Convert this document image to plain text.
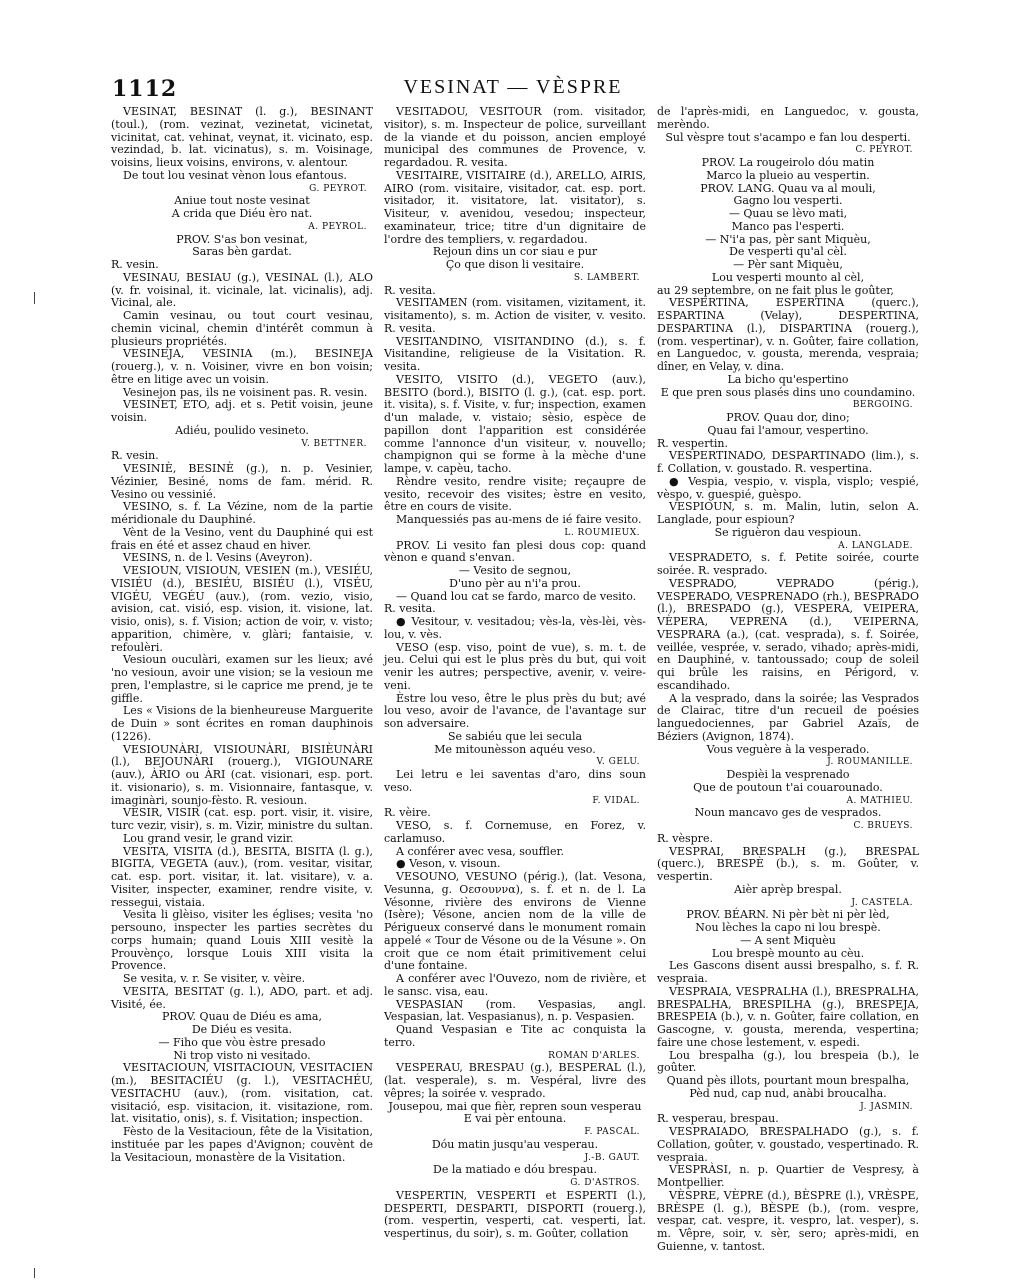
1112	VESINAT — VÈSPRE

VESINAT, BESINAT (l. g.), BESINANT (toul.), (rom. vezinat, vezinetat, vicinetat, vicinitat, cat. vehinat, veynat, it. vicinato, esp. vezindad, b. lat. vicinatus), s. m. Voisinage, voisins, lieux voisins, environs, v. alentour.

De tout lou vesinat vènon lous efantous.

G. PEYROT.

Aniue tout noste vesinat

A crida que Diéu èro nat.

A. PEYROL.

PROV. S'as bon vesinat,

Saras bèn gardat.

R. vesin.

VESINAU, BESIAU (g.), VESINAL (l.), ALO (v. fr. voisinal, it. vicinale, lat. vicinalis), adj. Vicinal, ale.

Camin vesinau, ou tout court vesinau, chemin vicinal, chemin d'intérêt commun à plusieurs propriétés.

VESINEJA, VESINIA (m.), BESINEJA (rouerg.), v. n. Voisiner, vivre en bon voisin; être en litige avec un voisin.

Vesinejon pas, ils ne voisinent pas. R. vesin.

VESINET, ETO, adj. et s. Petit voisin, jeune voisin.

Adiéu, poulido vesineto.

V. BETTNER.

R. vesin.

VESINIÈ, BESINÈ (g.), n. p. Vesinier, Vézinier, Besiné, noms de fam. mérid. R. Vesino ou vessinié.

VESINO, s. f. La Vézine, nom de la partie méridionale du Dauphiné.

Vènt de la Vesino, vent du Dauphiné qui est frais en été et assez chaud en hiver.

VESINS, n. de l. Vesins (Aveyron).

VESIOUN, VISIOUN, VESIEN (m.), VESIÉU, VISIÉU (d.), BESIÉU, BISIÉU (l.), VISÉU, VIGÉU, VEGÉU (auv.), (rom. vezio, visio, avision, cat. visió, esp. vision, it. visione, lat. visio, onis), s. f. Vision; action de voir, v. visto; apparition, chimère, v. glàri; fantaisie, v. refoulèri.

Vesioun ouculàri, examen sur les lieux; avé 'no vesioun, avoir une vision; se la vesioun me pren, l'emplastre, si le caprice me prend, je te giffle.

Les « Visions de la bienheureuse Marguerite de Duin » sont écrites en roman dauphinois (1226).

VESIOUNÀRI, VISIOUNÀRI, BISIÈUNÀRI (l.), BEJOUNÀRI (rouerg.), VIGIOUNARE (auv.), ÀRIO ou ÀRI (cat. visionari, esp. port. it. visionario), s. m. Visionnaire, fantasque, v. imaginàri, sounjo-fèsto. R. vesioun.

VESIR, VISIR (cat. esp. port. visir, it. visire, turc vezir, visir), s. m. Vizir, ministre du sultan.

Lou grand vesir, le grand vizir.

VESITA, VISITA (d.), BESITA, BISITA (l. g.), BIGITA, VEGETA (auv.), (rom. vesitar, visitar, cat. esp. port. visitar, it. lat. visitare), v. a. Visiter, inspecter, examiner, rendre visite, v. ressegui, vistaia.

Vesita li glèiso, visiter les églises; vesita 'no persouno, inspecter les parties secrètes du corps humain; quand Louis XIII vesitè la Prouvènço, lorsque Louis XIII visita la Provence.

Se vesita, v. r. Se visiter, v. vèire.

VESITA, BESITAT (g. l.), ADO, part. et adj. Visité, ée.

PROV. Quau de Diéu es ama,

De Diéu es vesita.

— Fiho que vòu èstre presado

Ni trop visto ni vesitado.

VESITACIOUN, VISITACIOUN, VESITACIEN (m.), BESITACIÉU (g. l.), VESITACHÉU, VESITACHU (auv.), (rom. visitation, cat. visitació, esp. visitacion, it. visitazione, rom. lat. visitatio, onis), s. f. Visitation; inspection.

Fèsto de la Vesitacioun, fête de la Visitation, instituée par les papes d'Avignon; couvènt de la Vesitacioun, monastère de la Visitation.

VESITADOU, VESITOUR (rom. visitador, visitor), s. m. Inspecteur de police, surveillant de la viande et du poisson, ancien employé municipal des communes de Provence, v. regardadou. R. vesita.

VESITAIRE, VISITAIRE (d.), ARELLO, AIRIS, AIRO (rom. visitaire, visitador, cat. esp. port. visitador, it. visitatore, lat. visitator), s. Visiteur, v. avenidou, vesedou; inspecteur, examinateur, trice; titre d'un dignitaire de l'ordre des templiers, v. regardadou.

Rejoun dins un cor siau e pur

Ço que dison li vesitaire.

S. LAMBERT.

R. vesita.

VESITAMEN (rom. visitamen, vizitament, it. visitamento), s. m. Action de visiter, v. vesito. R. vesita.

VESITANDINO, VISITANDINO (d.), s. f. Visitandine, religieuse de la Visitation. R. vesita.

VESITO, VISITO (d.), VEGETO (auv.), BESITO (bord.), BISITO (l. g.), (cat. esp. port. it. visita), s. f. Visite, v. fur; inspection, examen d'un malade, v. vistaio; sèsio, espèce de papillon dont l'apparition est considérée comme l'annonce d'un visiteur, v. nouvello; champignon qui se forme à la mèche d'une lampe, v. capèu, tacho.

Rèndre vesito, rendre visite; reçaupre de vesito, recevoir des visites; èstre en vesito, être en cours de visite.

Manquessiés pas au-mens de ié faire vesito.

L. ROUMIEUX.

PROV. Li vesito fan plesi dous cop: quand vènon e quand s'envan.

— Vesito de segnou,

D'uno pèr au n'i'a prou.

— Quand lou cat se fardo, marco de vesito.

R. vesita.

● Vesitour, v. vesitadou; vès-la, vès-lèi, vès-lou, v. vès.

VESO (esp. viso, point de vue), s. m. t. de jeu. Celui qui est le plus près du but, qui voit venir les autres; perspective, avenir, v. veire-veni.

Èstre lou veso, être le plus près du but; avé lou veso, avoir de l'avance, de l'avantage sur son adversaire.

Se sabiéu que lei secula

Me mitounèsson aquéu veso.

V. GELU.

Lei letru e lei saventas d'aro, dins soun veso.

F. VIDAL.

R. vèire.

VESO, s. f. Cornemuse, en Forez, v. carlamuso.

A conférer avec vesa, souffler.

● Veson, v. visoun.

VESOUNO, VESUNO (périg.), (lat. Vesona, Vesunna, g. Οεσουννα), s. f. et n. de l. La Vésonne, rivière des environs de Vienne (Isère); Vésone, ancien nom de la ville de Périgueux conservé dans le monument romain appelé « Tour de Vésone ou de la Vésune ». On croit que ce nom était primitivement celui d'une fontaine.

A conférer avec l'Ouvezo, nom de rivière, et le sansc. visa, eau.

VESPASIAN (rom. Vespasias, angl. Vespasian, lat. Vespasianus), n. p. Vespasien.

Quand Vespasian e Tite ac conquista la terro.

ROMAN D'ARLES.

VESPERAU, BRESPAU (g.), BESPERAL (l.), (lat. vesperale), s. m. Vespéral, livre des vêpres; la soirée v. vesprado.

Jousepou, mai que fièr, repren soun vesperau

E vai pèr entouna.

F. PASCAL.

Dóu matin jusqu'au vesperau.

J.-B. GAUT.

De la matiado e dóu brespau.

G. D'ASTROS.

VESPERTIN, VESPERTI et ESPERTI (l.), DESPERTI, DESPARTI, DISPORTI (rouerg.), (rom. vespertin, vesperti, cat. vesperti, lat. vespertinus, du soir), s. m. Goûter, collation

de l'après-midi, en Languedoc, v. gousta, merèndo.

Sul vèspre tout s'acampo e fan lou desperti.

C. PEYROT.

PROV. La rougeirolo dóu matin

Marco la plueio au vespertin.

PROV. LANG. Quau va al mouli,

Gagno lou vesperti.

— Quau se lèvo mati,

Manco pas l'esperti.

— N'i'a pas, pèr sant Miquèu,

De vesperti qu'al cèl.

— Pèr sant Miquèu,

Lou vesperti mounto al cèl,

au 29 septembre, on ne fait plus le goûter,

VESPERTINA, ESPERTINA (querc.), ESPARTINA (Velay), DESPERTINA, DESPARTINA (l.), DISPARTINA (rouerg.), (rom. vespertinar), v. n. Goûter, faire collation, en Languedoc, v. gousta, merenda, vespraia; dîner, en Velay, v. dina.

La bicho qu'espertino

E que pren sous plasés dins uno coundamino.

BERGOING.

PROV. Quau dor, dino;

Quau fai l'amour, vespertino.

R. vespertin.

VESPERTINADO, DESPARTINADO (lim.), s. f. Collation, v. goustado. R. vespertina.

● Vespia, vespio, v. vispla, visplo; vespié, vèspo, v. guespié, guèspo.

VESPIOUN, s. m. Malin, lutin, selon A. Langlade, pour espioun?

Se riguèron dau vespioun.

A. LANGLADE.

VESPRADETO, s. f. Petite soirée, courte soirée. R. vesprado.

VESPRADO, VEPRADO (périg.), VESPERADO, VESPRENADO (rh.), BESPRADO (l.), BRESPADO (g.), VESPERA, VEIPERA, VÈPERA, VEPRENA (d.), VEIPERNA, VESPRARA (a.), (cat. vesprada), s. f. Soirée, veillée, vesprée, v. serado, vihado; après-midi, en Dauphiné, v. tantoussado; coup de soleil qui brûle les raisins, en Périgord, v. escandihado.

A la vesprado, dans la soirée; las Vesprados de Clairac, titre d'un recueil de poésies languedociennes, par Gabriel Azaïs, de Béziers (Avignon, 1874).

Vous veguère à la vesperado.

J. ROUMANILLE.

Despièi la vesprenado

Que de poutoun t'ai couarounado.

A. MATHIEU.

Noun mancavo ges de vesprados.

C. BRUEYS.

R. vèspre.

VESPRAI, BRESPALH (g.), BRESPAL (querc.), BRESPÈ (b.), s. m. Goûter, v. vespertin.

Aièr aprèp brespal.

J. CASTELA.

PROV. BÉARN. Ni pèr bèt ni pèr lèd,

Nou lèches la capo ni lou brespè.

— A sent Miquèu

Lou brespè mounto au cèu.

Les Gascons disent aussi brespalho, s. f. R. vespraia.

VESPRAIA, VESPRALHA (l.), BRESPRALHA, BRESPALHA, BRESPILHA (g.), BRESPEJA, BRESPEIA (b.), v. n. Goûter, faire collation, en Gascogne, v. gousta, merenda, vespertina; faire une chose lestement, v. espedi.

Lou brespalha (g.), lou brespeia (b.), le goûter.

Quand pès illots, pourtant moun brespalha,

Pèd nud, cap nud, anàbi broucalha.

J. JASMIN.

R. vesperau, brespau.

VESPRAIADO, BRESPALHADO (g.), s. f. Collation, goûter, v. goustado, vespertinado. R. vespraia.

VESPRÀSI, n. p. Quartier de Vespresy, à Montpellier.

VÈSPRE, VÈPRE (d.), BÈSPRE (l.), VRÈSPE, BRÈSPE (l. g.), BÈSPE (b.), (rom. vespre, vespar, cat. vespre, it. vespro, lat. vesper), s. m. Vêpre, soir, v. sèr, sero; après-midi, en Guienne, v. tantost.
